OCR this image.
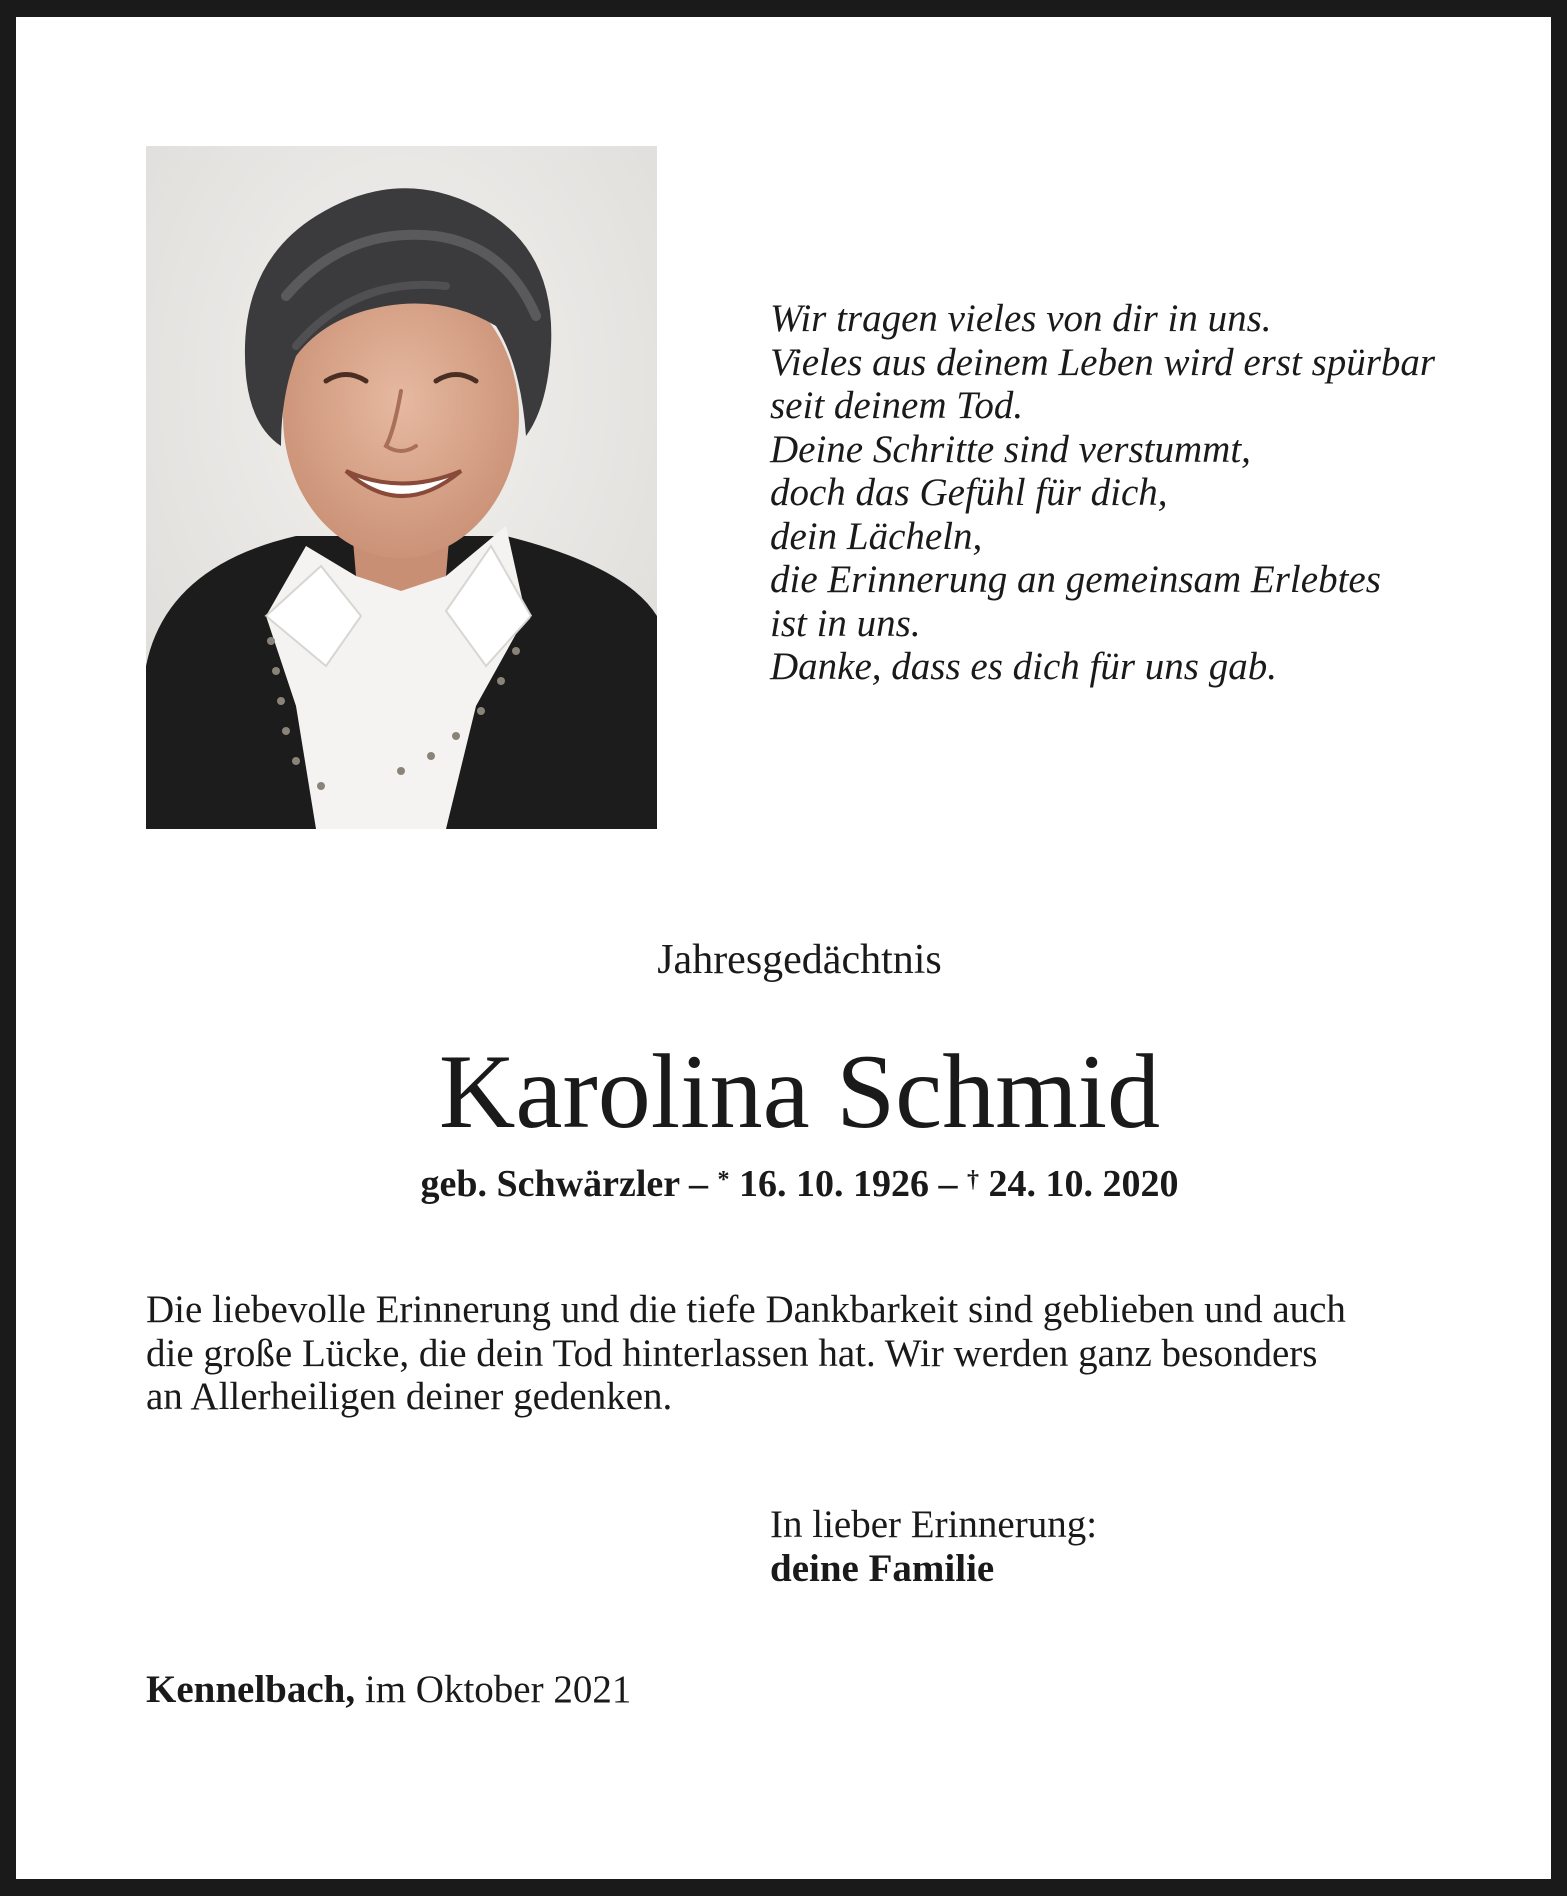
Wir tragen vieles von dir in uns.
Vieles aus deinem Leben wird erst spürbar
seit deinem Tod.
Deine Schritte sind verstummt,
doch das Gefühl für dich,
dein Lächeln,
die Erinnerung an gemeinsam Erlebtes
ist in uns.
Danke, dass es dich für uns gab.
Jahresgedächtnis
Karolina Schmid
geb. Schwärzler – * 16. 10. 1926 – † 24. 10. 2020
Die liebevolle Erinnerung und die tiefe Dankbarkeit sind geblieben und auch
die große Lücke, die dein Tod hinterlassen hat. Wir werden ganz besonders
an Allerheiligen deiner gedenken.
In lieber Erinnerung:
deine Familie
Kennelbach, im Oktober 2021
